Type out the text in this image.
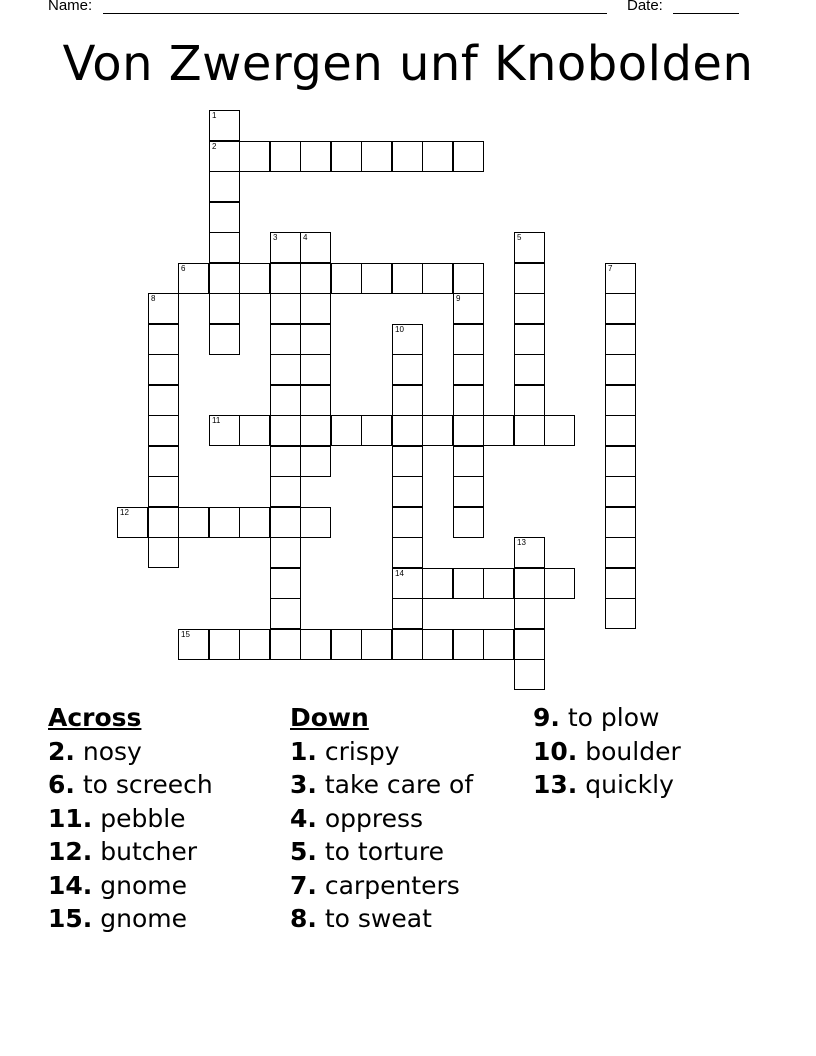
Name:	Date:
Von Zwergen unf Knobolden
1
2
3	4	5
6	7
8	9
10
14
11
12
13
15
Across
2. nosy
6. to screech
11. pebble
12. butcher
14. gnome
15. gnome
Down
1. crispy
3. take care of
4. oppress
5. to torture
7. carpenters
8. to sweat
9. to plow
10. boulder
13. quickly
